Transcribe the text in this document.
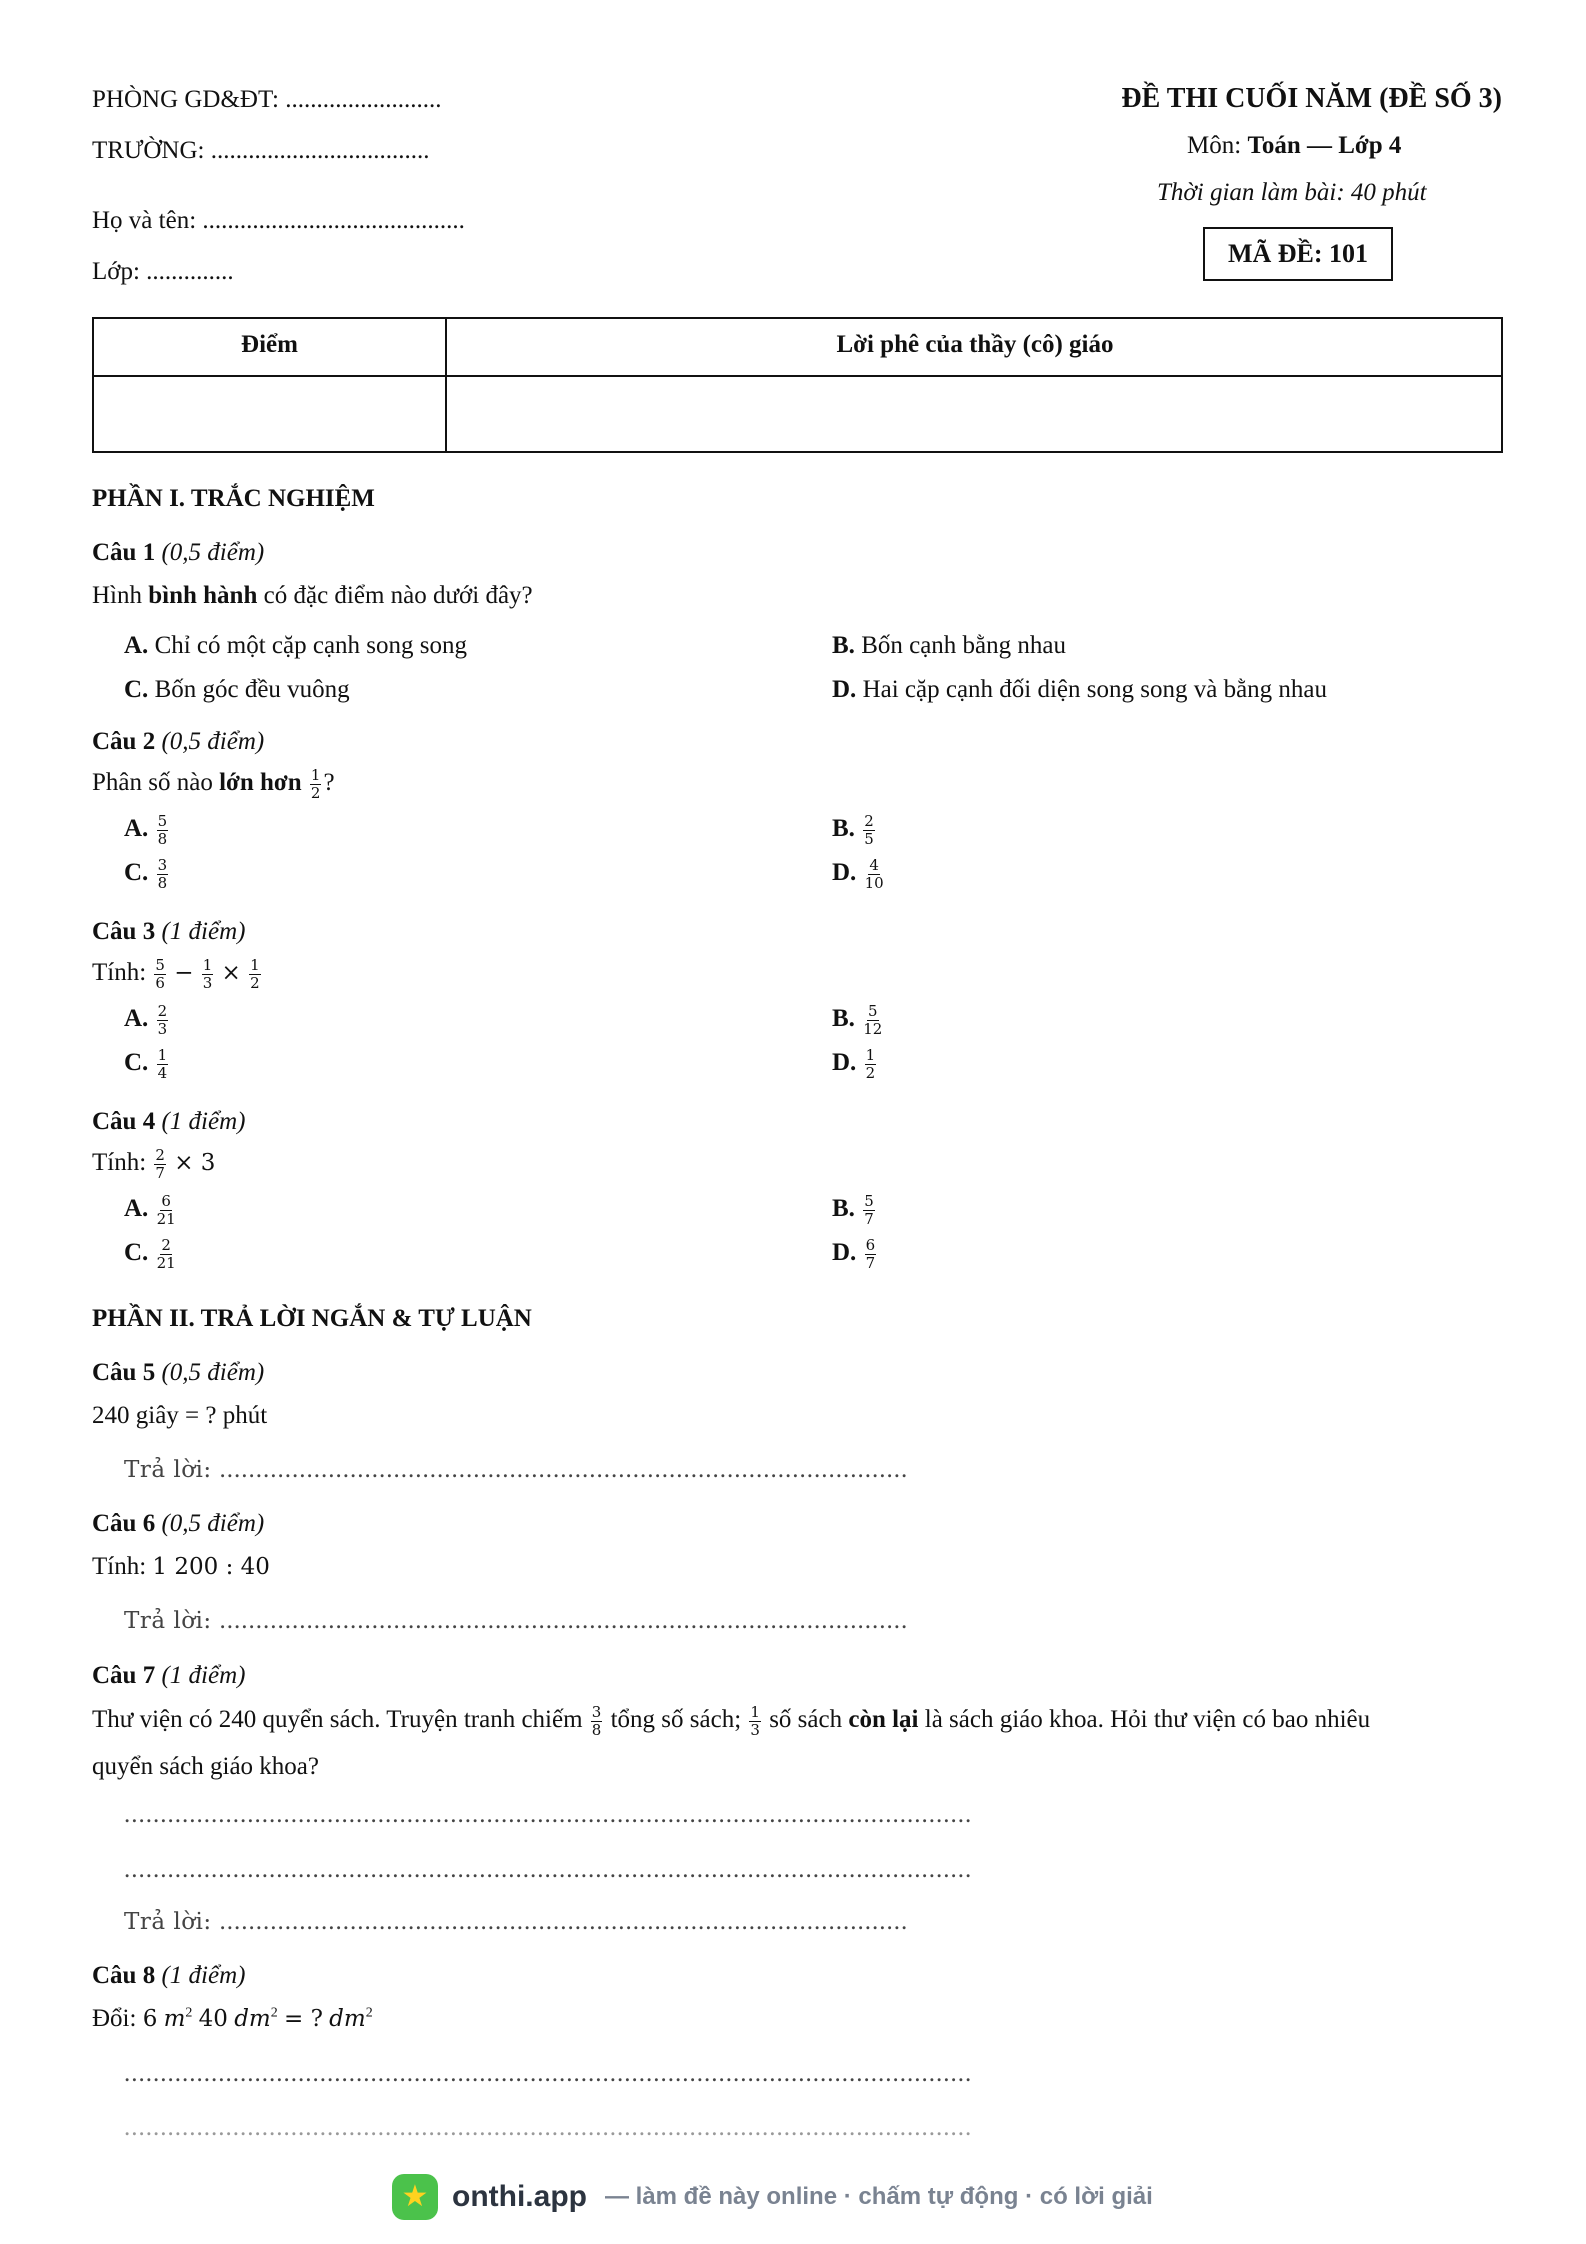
PHÒNG GD&ĐT: .........................
TRƯỜNG: ...................................
Họ và tên: ..........................................
Lớp: ..............
ĐỀ THI CUỐI NĂM (ĐỀ SỐ 3)
Môn: Toán — Lớp 4
Thời gian làm bài: 40 phút
MÃ ĐỀ: 101
Điểm	Lời phê của thầy (cô) giáo
PHẦN I. TRẮC NGHIỆM
Câu 1 (0,5 điểm)
Hình bình hành có đặc điểm nào dưới đây?
A. Chỉ có một cặp cạnh song song	B. Bốn cạnh bằng nhau
C. Bốn góc đều vuông	D. Hai cặp cạnh đối diện song song và bằng nhau
Câu 2 (0,5 điểm)
Phân số nào lớn hơn $\frac{1}{2}$ ?
A. $\frac{5}{8}$	B. $\frac{2}{5}$
C. $\frac{3}{8}$	D. $\frac{4}{10}$
Câu 3 (1 điểm)
Tính: $\frac{5}{6} - \frac{1}{3} \times \frac{1}{2}$
A. $\frac{2}{3}$	B. $\frac{5}{12}$
C. $\frac{1}{4}$	D. $\frac{1}{2}$
Câu 4 (1 điểm)
Tính: $\frac{2}{7} \times 3$
A. $\frac{6}{21}$	B. $\frac{5}{7}$
C. $\frac{2}{21}$	D. $\frac{6}{7}$
PHẦN II. TRẢ LỜI NGẮN & TỰ LUẬN
Câu 5 (0,5 điểm)
240 giây = ? phút
Trả lời: ...............................................................................................
Câu 6 (0,5 điểm)
Tính: 1 200 : 40
Trả lời: ...............................................................................................
Câu 7 (1 điểm)
Thư viện có 240 quyển sách. Truyện tranh chiếm $\frac{3}{8}$ tổng số sách; $\frac{1}{3}$ số sách còn lại là sách giáo khoa. Hỏi thư viện có bao nhiêu
quyển sách giáo khoa?
.....................................................................................................................
.....................................................................................................................
Trả lời: ...............................................................................................
Câu 8 (1 điểm)
Đổi: 6 $m^2$ 40 $dm^2$ = ? $dm^2$
.....................................................................................................................
.....................................................................................................................
★ onthi.app — làm đề này online · chấm tự động · có lời giải
